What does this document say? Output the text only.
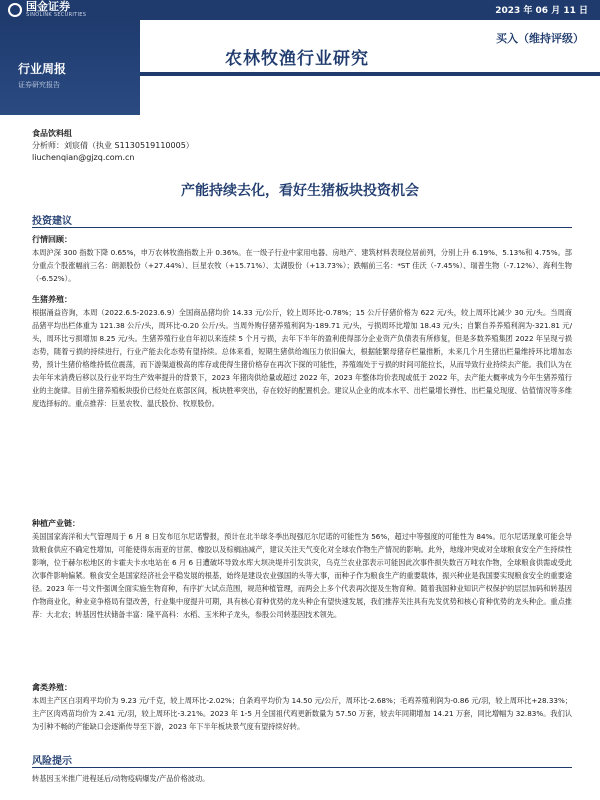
国金证券
SINOLINK SECURITIES	2023 年 06 月 11 日
行业周报
证券研究报告
农林牧渔行业研究
买入（维持评级）
食品饮料组
分析师：刘宸倩（执业 S1130519110005）
liuchenqian@gjzq.com.cn
产能持续去化，看好生猪板块投资机会
投资建议
行情回顾：
本周沪深 300 指数下降 0.65%，申万农林牧渔指数上升 0.36%。在一级子行业中家用电器、房地产、建筑材料表现位居前列，分别上升 6.19%、5.13%和 4.75%。部分重点个股涨幅前三名：朗源股份（+27.44%）、巨星农牧（+15.71%）、太湖股份（+13.73%）；跌幅前三名：*ST 佳沃（-7.45%）、瑞普生物（-7.12%）、海利生物（-6.52%）。
生猪养殖：
根据涌益咨询，本周（2022.6.5-2023.6.9）全国商品猪均价 14.33 元/公斤，较上周环比-0.78%；15 公斤仔猪价格为 622 元/头，较上周环比减少 30 元/头。当周商品猪平均出栏体重为 121.38 公斤/头，周环比-0.20 公斤/头。当周外购仔猪养殖利润为-189.71 元/头，亏损周环比增加 18.43 元/头；自繁自养养殖利润为-321.81 元/头，周环比亏损增加 8.25 元/头。生猪养殖行业自年初以来连续 5 个月亏损，去年下半年的盈利使得部分企业资产负债表有所修复，但是多数养殖集团 2022 年呈现亏损态势，随着亏损的持续进行，行业产能去化态势有望持续。总体来看，短期生猪供给端压力依旧偏大，根据能繁母猪存栏量推断，未来几个月生猪出栏量维持环比增加态势，预计生猪价格维持低位震荡，而下游渠道极高的库存或使得生猪价格存在再次下探的可能性，养殖端处于亏损的时间可能拉长，从而导致行业持续去产能。我们认为在去年年末消费后移以及行业平均生产效率提升的背景下，2023 年猪肉供给量或超过 2022 年，2023 年整体均价表现或低于 2022 年，去产能大概率成为今年生猪养殖行业的主旋律。目前生猪养殖板块股价已经处在底部区间，板块胜率突出，存在较好的配置机会。建议从企业的成本水平、出栏量增长弹性、出栏量兑现度、估值情况等多维度选择标的。重点推荐：巨星农牧、温氏股份、牧原股份。
种植产业链：
美国国家海洋和大气管理局于 6 月 8 日发布厄尔尼诺警报，预计在北半球冬季出现强厄尔尼诺的可能性为 56%，超过中等强度的可能性为 84%。厄尔尼诺现象可能会导致粮食供应不确定性增加，可能使得东南亚的甘蔗、橡胶以及棕榈油减产，建议关注天气变化对全球农作物生产情况的影响。此外，地缘冲突或对全球粮食安全产生持续性影响，位于赫尔松地区的卡霍夫卡水电站在 6 月 6 日遭破坏导致水库大坝决堤并引发洪灾，乌克兰农业部表示可能因此次事件损失数百万吨农作物，全球粮食供需或受此次事件影响偏紧。粮食安全是国家经济社会平稳发展的根基，始终是建设农业强国的头等大事，而种子作为粮食生产的重要载体，振兴种业是我国要实现粮食安全的重要途径。2023 年一号文件强调全面实施生物育种，有序扩大试点范围，规范种植管理，而两会上多个代表再次提及生物育种。随着我国种业知识产权保护的层层加码和转基因作物商业化，种业竞争格局有望改善，行业集中度提升可期，具有核心育种优势的龙头种企有望快速发展，我们推荐关注具有先发优势和核心育种优势的龙头种企。重点推荐：大北农；转基因性状储备丰富：隆平高科：水稻、玉米种子龙头，参股公司转基因技术领先。
禽类养殖：
本周主产区白羽鸡平均价为 9.23 元/千克，较上周环比-2.02%；白条鸡平均价为 14.50 元/公斤，周环比-2.68%；毛鸡养殖利润为-0.86 元/羽，较上周环比+28.33%；主产区肉鸡苗均价为 2.41 元/羽，较上周环比-3.21%。2023 年 1-5 月全国祖代鸡更新数量为 57.50 万套，较去年同期增加 14.21 万套，同比增幅为 32.83%。我们认为引种不畅的产能缺口会逐渐传导至下游，2023 年下半年板块景气度有望持续好转。
风险提示
转基因玉米推广进程延后/动物疫病爆发/产品价格波动。
